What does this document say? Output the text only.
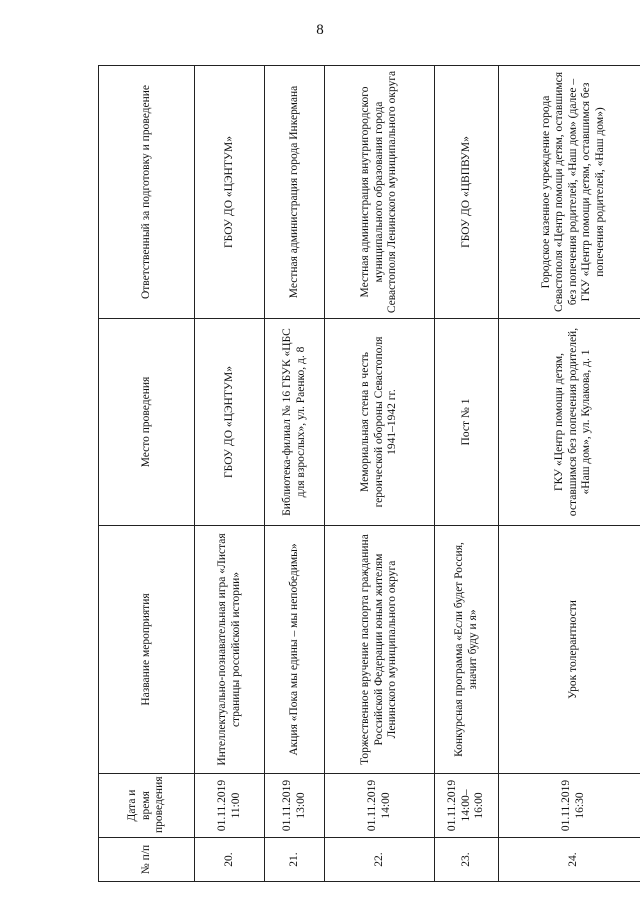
8
№ п/п	Дата и время проведения	Название мероприятия	Место проведения	Ответственный за подготовку и проведение
20.	01.11.2019 11:00	Интеллектуально-познавательная игра «Листая страницы российской истории»	ГБОУ ДО «ЦЭНТУМ»	ГБОУ ДО «ЦЭНТУМ»
21.	01.11.2019 13:00	Акция «Пока мы едины – мы непобедимы»	Библиотека-филиал № 16 ГБУК «ЦБС для взрослых», ул. Раенко, д. 8	Местная администрация города Инкермана
22.	01.11.2019 14:00	Торжественное вручение паспорта гражданина Российской Федерации юным жителям Ленинского муниципального округа	Мемориальная стена в честь героической обороны Севастополя 1941–1942 гг.	Местная администрация внутригородского муниципального образования города Севастополя Ленинского муниципального округа
23.	01.11.2019 14:00–16:00	Конкурсная программа «Если будет Россия, значит буду и я»	Пост № 1	ГБОУ ДО «ЦВПВУМ»
24.	01.11.2019 16:30	Урок толерантности	ГКУ «Центр помощи детям, оставшимся без попечения родителей, «Наш дом», ул. Кулакова, д. 1	Городское казенное учреждение города Севастополя «Центр помощи детям, оставшимся без попечения родителей, «Наш дом» (далее – ГКУ «Центр помощи детям, оставшимся без попечения родителей, «Наш дом»)
